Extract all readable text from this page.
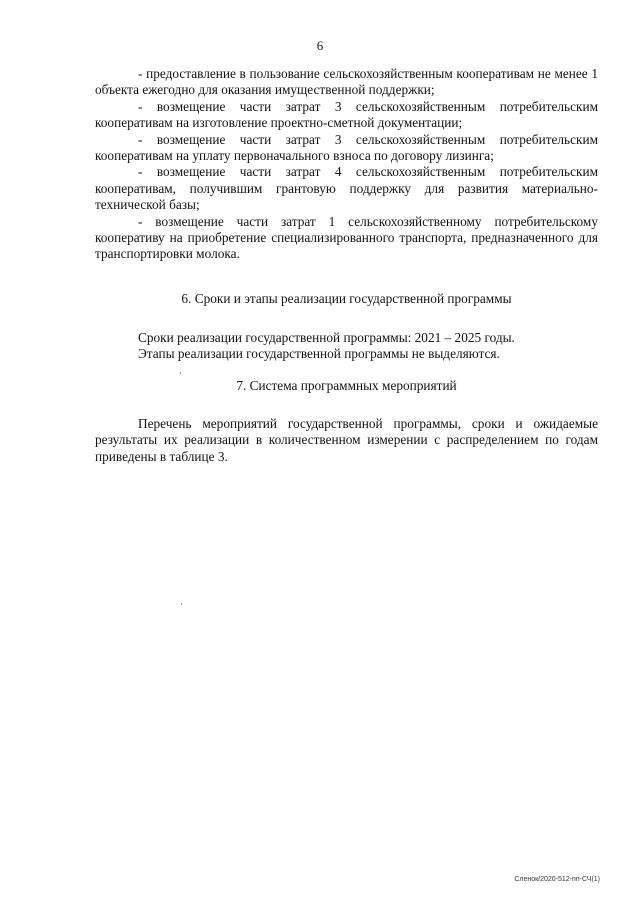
6

- предоставление в пользование сельскохозяйственным кооперативам не менее 1 объекта ежегодно для оказания имущественной поддержки;

- возмещение части затрат 3 сельскохозяйственным потребительским кооперативам на изготовление проектно-сметной документации;

- возмещение части затрат 3 сельскохозяйственным потребительским кооперативам на уплату первоначального взноса по договору лизинга;

- возмещение части затрат 4 сельскохозяйственным потребительским кооперативам, получившим грантовую поддержку для развития материально-технической базы;

- возмещение части затрат 1 сельскохозяйственному потребительскому кооперативу на приобретение специализированного транспорта, предназначенного для транспортировки молока.

6. Сроки и этапы реализации государственной программы

Сроки реализации государственной программы: 2021 – 2025 годы.

Этапы реализации государственной программы не выделяются.

7. Система программных мероприятий

Перечень мероприятий государственной программы, сроки и ожидаемые результаты их реализации в количественном измерении с распределением по годам приведены в таблице 3.

Сленок/2020-512-пп-СЧ(1)
